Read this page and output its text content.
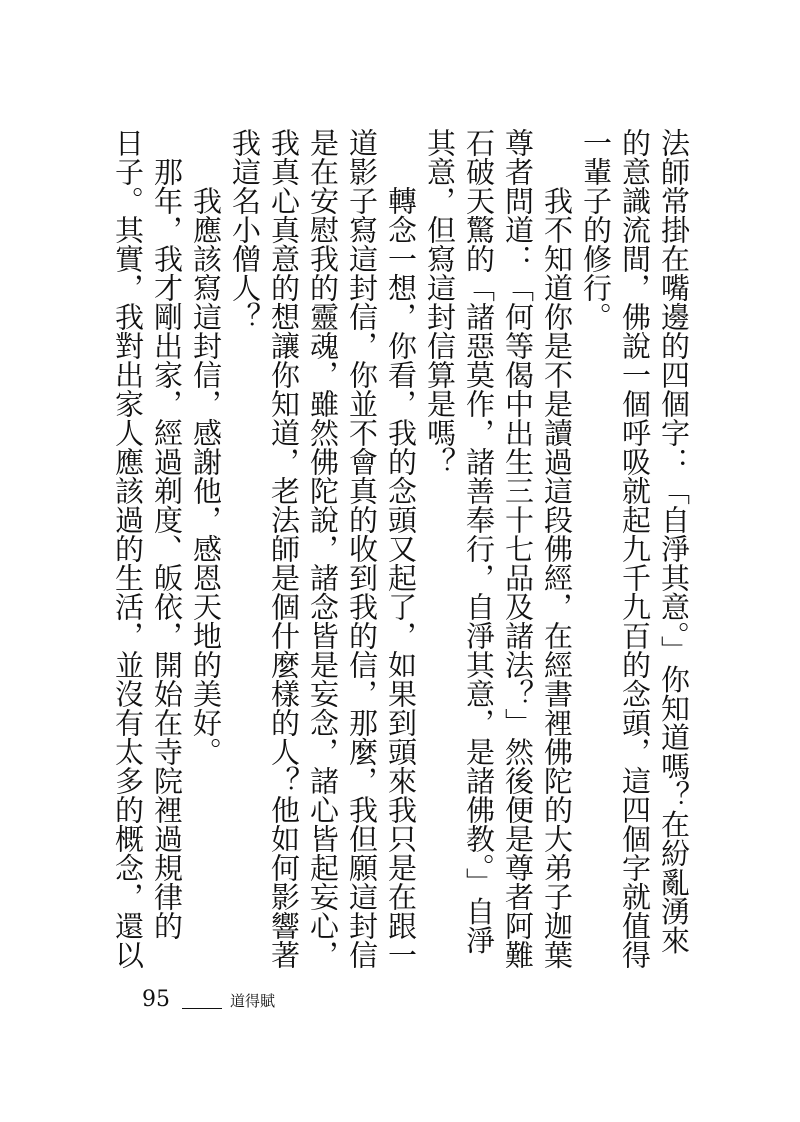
法師常掛在嘴邊的四個字：「自淨其意。」你知道嗎？在紛亂湧來
的意識流間，佛說一個呼吸就起九千九百的念頭，這四個字就值得
一輩子的修行。
我不知道你是不是讀過這段佛經，在經書裡佛陀的大弟子迦葉
尊者問道：「何等偈中出生三十七品及諸法？」然後便是尊者阿難
石破天驚的「諸惡莫作，諸善奉行，自淨其意，是諸佛教。」自淨
其意，但寫這封信算是嗎？
轉念一想，你看，我的念頭又起了，如果到頭來我只是在跟一
道影子寫這封信，你並不會真的收到我的信，那麼，我但願這封信
是在安慰我的靈魂，雖然佛陀說，諸念皆是妄念，諸心皆起妄心，
我真心真意的想讓你知道，老法師是個什麼樣的人？他如何影響著
我這名小僧人？
我應該寫這封信，感謝他，感恩天地的美好。
那年，我才剛出家，經過剃度、皈依，開始在寺院裡過規律的
日子。其實，我對出家人應該過的生活，並沒有太多的概念，還以
95	道得賦
